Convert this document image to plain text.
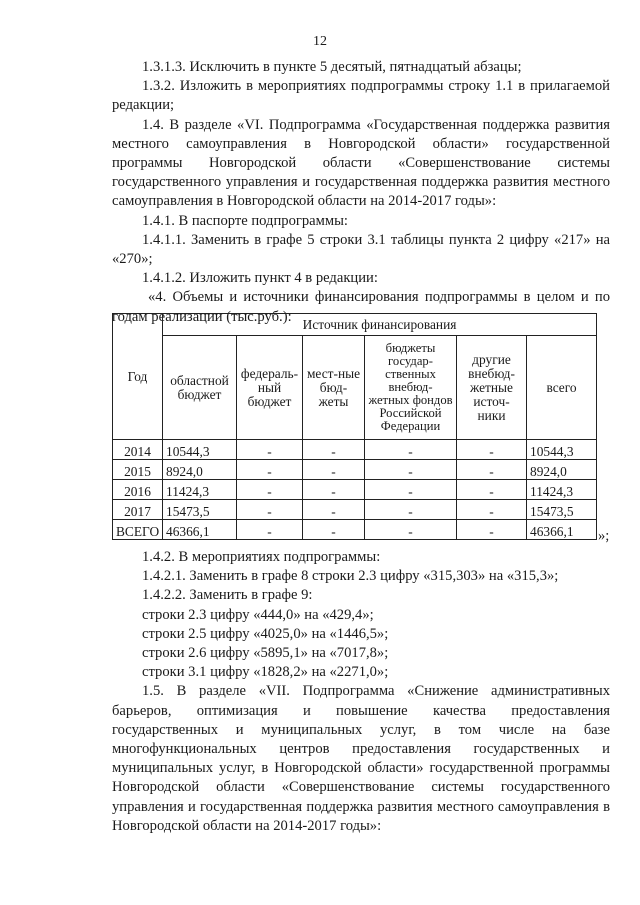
12

1.3.1.3. Исключить в пункте 5 десятый, пятнадцатый абзацы;

1.3.2. Изложить в мероприятиях подпрограммы строку 1.1 в прилагаемой редакции;

1.4. В разделе «VI. Подпрограмма «Государственная поддержка развития местного самоуправления в Новгородской области» государственной программы Новгородской области «Совершенствование системы государственного управления и государственная поддержка развития местного самоуправления в Новгородской области на 2014-2017 годы»:

1.4.1. В паспорте подпрограммы:

1.4.1.1. Заменить в графе 5 строки 3.1 таблицы пункта 2 цифру «217» на «270»;

1.4.1.2. Изложить пункт 4 в редакции:

«4. Объемы и источники финансирования подпрограммы в целом и по годам реализации (тыс.руб.):

Год	Источник финансирования					
	областной бюджет	федераль-ный бюджет	мест-ные бюд-жеты	бюджеты государ-ственных внебюд-жетных фондов Российской Федерации	другие внебюд-жетные источ-ники	всего
2014	10544,3	-	-	-	-	10544,3
2015	8924,0	-	-	-	-	8924,0
2016	11424,3	-	-	-	-	11424,3
2017	15473,5	-	-	-	-	15473,5
ВСЕГО	46366,1	-	-	-	-	46366,1 »;

1.4.2. В мероприятиях подпрограммы:

1.4.2.1. Заменить в графе 8 строки 2.3 цифру «315,303» на «315,3»;

1.4.2.2. Заменить в графе 9:

строки 2.3 цифру «444,0» на «429,4»;

строки 2.5 цифру «4025,0» на «1446,5»;

строки 2.6 цифру «5895,1» на «7017,8»;

строки 3.1 цифру «1828,2» на «2271,0»;

1.5. В разделе «VII. Подпрограмма «Снижение административных барьеров, оптимизация и повышение качества предоставления государственных и муниципальных услуг, в том числе на базе многофункциональных центров предоставления государственных и муниципальных услуг, в Новгородской области» государственной программы Новгородской области «Совершенствование системы государственного управления и государственная поддержка развития местного самоуправления в Новгородской области на 2014-2017 годы»:
